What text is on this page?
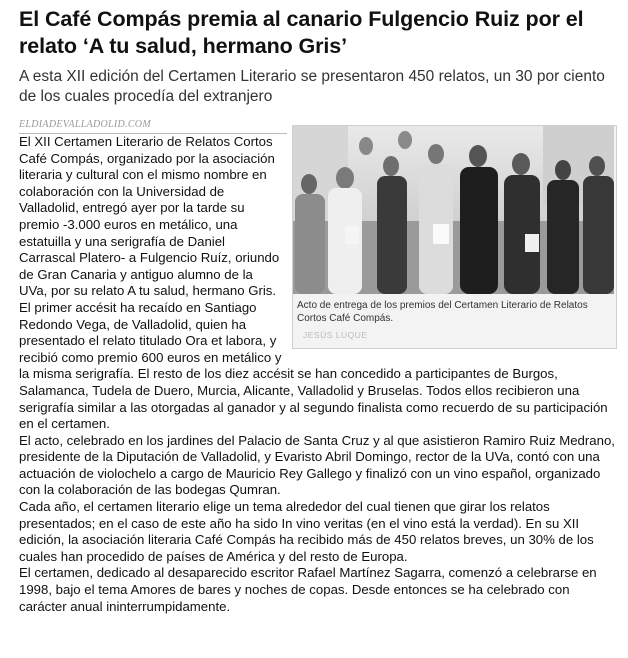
El Café Compás premia al canario Fulgencio Ruiz por el relato ‘A tu salud, hermano Gris’
A esta XII edición del Certamen Literario se presentaron 450 relatos, un 30 por ciento de los cuales procedía del extranjero
ELDIADEVALLADOLID.COM
Acto de entrega de los premios del Certamen Literario de Relatos Cortos Café Compás.
JESÚS LUQUE

El XII Certamen Literario de Relatos Cortos Café Compás, organizado por la asociación literaria y cultural con el mismo nombre en colaboración con la Universidad de Valladolid, entregó ayer por la tarde su premio -3.000 euros en metálico, una estatuilla y una serigrafía de Daniel Carrascal Platero- a Fulgencio Ruíz, oriundo de Gran Canaria y antiguo alumno de la UVa, por su relato A tu salud, hermano Gris.

El primer accésit ha recaído en Santiago Redondo Vega, de Valladolid, quien ha presentado el relato titulado Ora et labora, y recibió como premio 600 euros en metálico y la misma serigrafía. El resto de los diez accésit se han concedido a participantes de Burgos, Salamanca, Tudela de Duero, Murcia, Alicante, Valladolid y Bruselas. Todos ellos recibieron una serigrafía similar a las otorgadas al ganador y al segundo finalista como recuerdo de su participación en el certamen.

El acto, celebrado en los jardines del Palacio de Santa Cruz y al que asistieron Ramiro Ruiz Medrano, presidente de la Diputación de Valladolid, y Evaristo Abril Domingo, rector de la UVa, contó con una actuación de violochelo a cargo de Mauricio Rey Gallego y finalizó con un vino español, organizado con la colaboración de las bodegas Qumran.

Cada año, el certamen literario elige un tema alrededor del cual tienen que girar los relatos presentados; en el caso de este año ha sido In vino veritas (en el vino está la verdad). En su XII edición, la asociación literaria Café Compás ha recibido más de 450 relatos breves, un 30% de los cuales han procedido de países de América y del resto de Europa.

El certamen, dedicado al desaparecido escritor Rafael Martínez Sagarra, comenzó a celebrarse en 1998, bajo el tema Amores de bares y noches de copas. Desde entonces se ha celebrado con carácter anual ininterrumpidamente.
